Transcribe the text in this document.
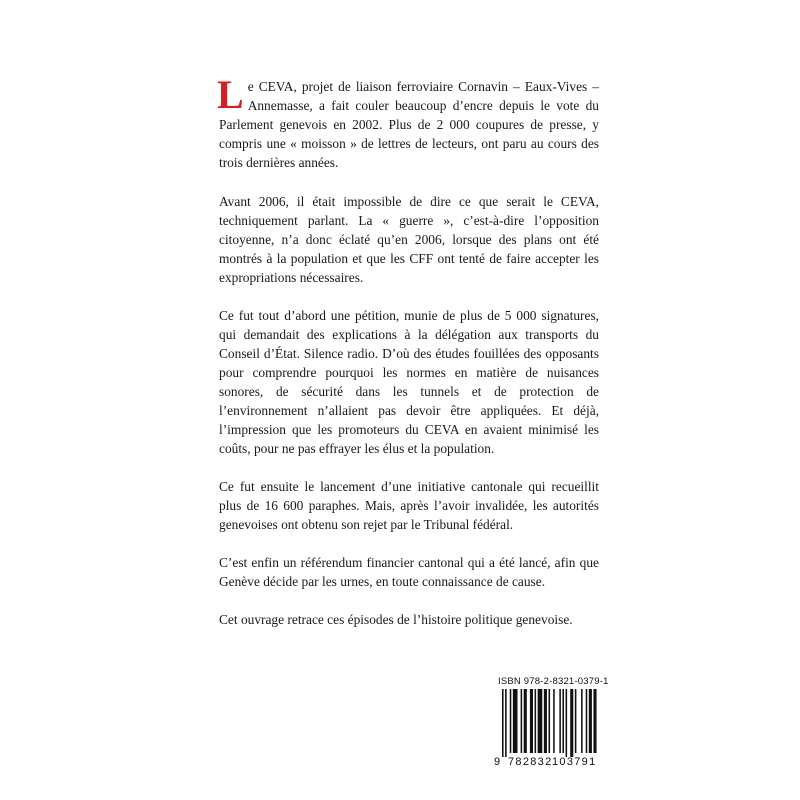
Le CEVA, projet de liaison ferroviaire Cornavin – Eaux-Vives – Annemasse, a fait couler beaucoup d’encre depuis le vote du Parlement genevois en 2002. Plus de 2 000 coupures de presse, y compris une « moisson » de lettres de lecteurs, ont paru au cours des trois dernières années.

Avant 2006, il était impossible de dire ce que serait le CEVA, techniquement parlant. La « guerre », c’est-à-dire l’opposition citoyenne, n’a donc éclaté qu’en 2006, lorsque des plans ont été montrés à la population et que les CFF ont tenté de faire accepter les expropriations nécessaires.

Ce fut tout d’abord une pétition, munie de plus de 5 000 signatures, qui demandait des explications à la délégation aux transports du Conseil d’État. Silence radio. D’où des études fouillées des opposants pour comprendre pourquoi les normes en matière de nuisances sonores, de sécurité dans les tunnels et de protection de l’environnement n’allaient pas devoir être appliquées. Et déjà, l’impression que les promoteurs du CEVA en avaient minimisé les coûts, pour ne pas effrayer les élus et la population.

Ce fut ensuite le lancement d’une initiative cantonale qui recueillit plus de 16 600 paraphes. Mais, après l’avoir invalidée, les autorités genevoises ont obtenu son rejet par le Tribunal fédéral.

C’est enfin un référendum financier cantonal qui a été lancé, afin que Genève décide par les urnes, en toute connaissance de cause.

Cet ouvrage retrace ces épisodes de l’histoire politique genevoise.

ISBN 978-2-8321-0379-1
9 782832 103791
